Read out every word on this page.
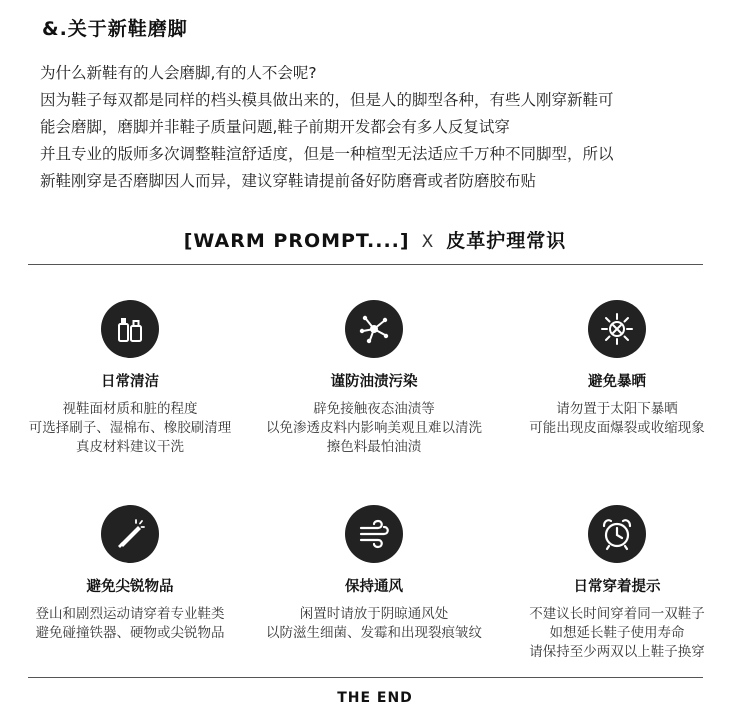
&.关于新鞋磨脚
为什么新鞋有的人会磨脚,有的人不会呢?
因为鞋子每双都是同样的档头模具做出来的，但是人的脚型各种，有些人刚穿新鞋可
能会磨脚，磨脚并非鞋子质量问题,鞋子前期开发都会有多人反复试穿
并且专业的版师多次调整鞋渲舒适度，但是一种楦型无法适应千万种不同脚型，所以
新鞋刚穿是否磨脚因人而异，建议穿鞋请提前备好防磨膏或者防磨胶布贴
[WARM PROMPT....] X 皮革护理常识
日常清洁
视鞋面材质和脏的程度
可选择刷子、湿棉布、橡胶刷清理
真皮材料建议干洗
谨防油渍污染
辟免接触夜态油渍等
以免渗透皮料内影响美观且难以清洗
擦色料最怕油渍
避免暴晒
请勿置于太阳下暴晒
可能出现皮面爆裂或收缩现象
避免尖锐物品
登山和剧烈运动请穿着专业鞋类
避免碰撞铁器、硬物或尖锐物品
保持通风
闲置时请放于阴晾通风处
以防滋生细菌、发霉和出现裂痕皱纹
日常穿着提示
不建议长时间穿着同一双鞋子
如想延长鞋子使用寿命
请保持至少两双以上鞋子换穿
THE END
